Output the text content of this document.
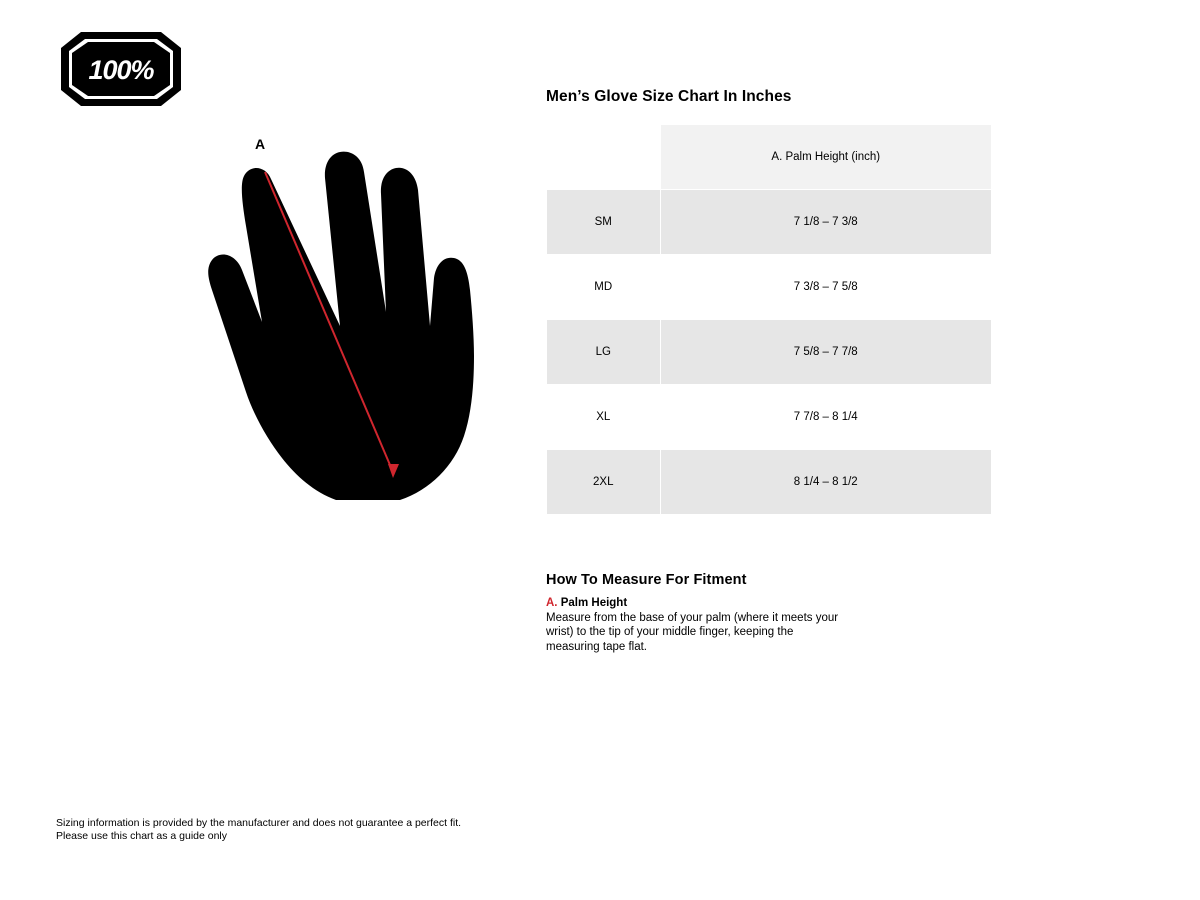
100%
A
Men’s Glove Size Chart In Inches
	A. Palm Height (inch)
SM	7 1/8 – 7 3/8
MD	7 3/8 – 7 5/8
LG	7 5/8 – 7 7/8
XL	7 7/8 – 8 1/4
2XL	8 1/4 – 8 1/2
How To Measure For Fitment
A. Palm Height

Measure from the base of your palm (where it meets your wrist) to the tip of your middle finger, keeping the measuring tape flat.

Sizing information is provided by the manufacturer and does not guarantee a perfect fit.
Please use this chart as a guide only
